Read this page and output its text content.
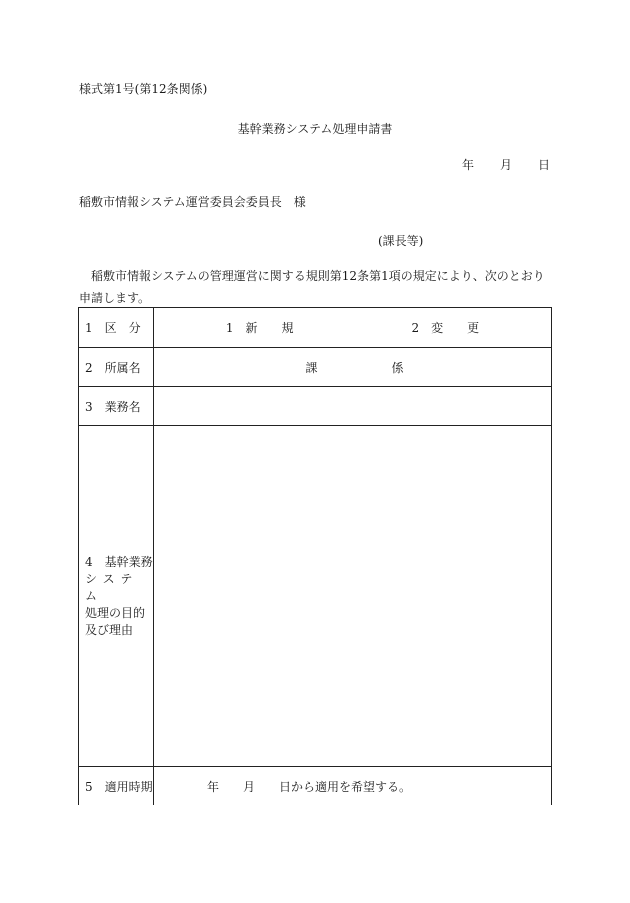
様式第1号(第12条関係)
基幹業務システム処理申請書
年 月 日
稲敷市情報システム運営委員会委員長　様
(課長等)
稲敷市情報システムの管理運営に関する規則第12条第1項の規定により、次のとおり申請します。
1　区　分	1　新　　規 2　変　　更

2　所属名	課 係

3　業務名	

4　基幹業務
システム
処理の目的
及び理由	

5　適用時期	年 月 日から適用を希望する。
